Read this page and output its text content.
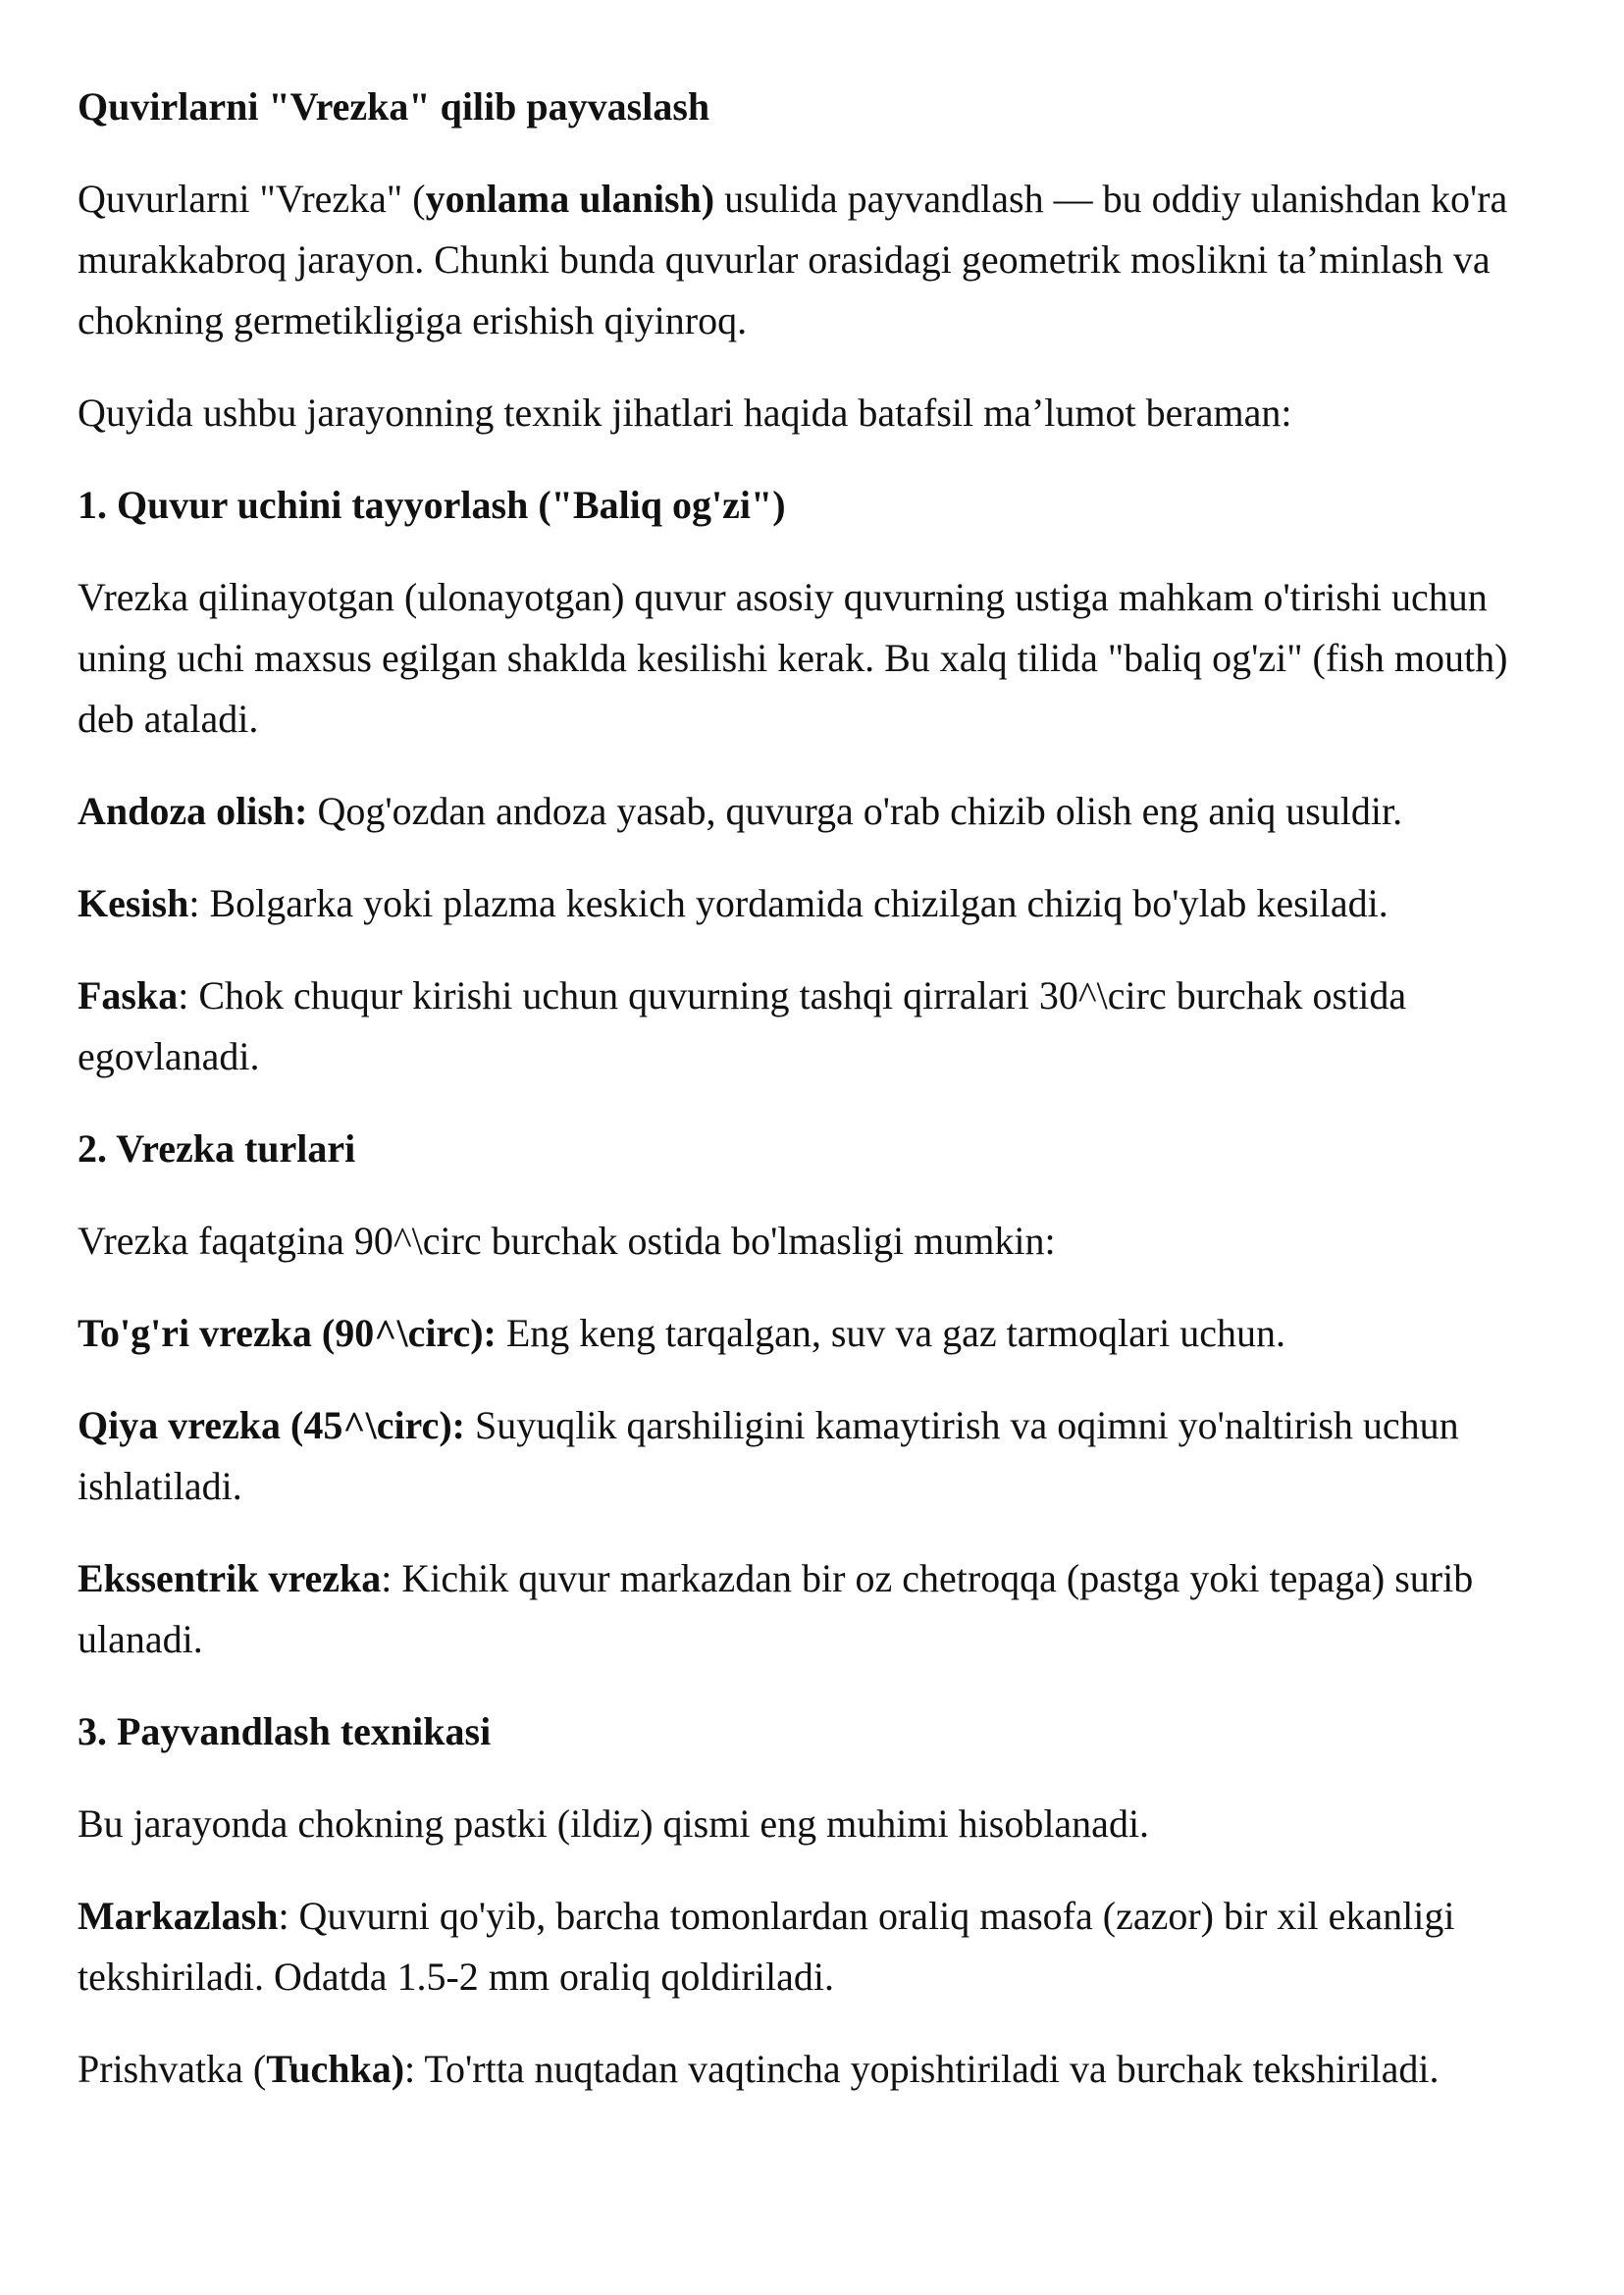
Quvirlarni "Vrezka" qilib payvaslash

Quvurlarni "Vrezka" (yonlama ulanish) usulida payvandlash — bu oddiy ulanishdan ko'ra murakkabroq jarayon. Chunki bunda quvurlar orasidagi geometrik moslikni ta’minlash va chokning germetikligiga erishish qiyinroq.

Quyida ushbu jarayonning texnik jihatlari haqida batafsil ma’lumot beraman:

1. Quvur uchini tayyorlash ("Baliq og'zi")

Vrezka qilinayotgan (ulonayotgan) quvur asosiy quvurning ustiga mahkam o'tirishi uchun uning uchi maxsus egilgan shaklda kesilishi kerak. Bu xalq tilida "baliq og'zi" (fish mouth) deb ataladi.

Andoza olish: Qog'ozdan andoza yasab, quvurga o'rab chizib olish eng aniq usuldir.

Kesish: Bolgarka yoki plazma keskich yordamida chizilgan chiziq bo'ylab kesiladi.

Faska: Chok chuqur kirishi uchun quvurning tashqi qirralari 30^\circ burchak ostida egovlanadi.

2. Vrezka turlari

Vrezka faqatgina 90^\circ burchak ostida bo'lmasligi mumkin:

To'g'ri vrezka (90^\circ): Eng keng tarqalgan, suv va gaz tarmoqlari uchun.

Qiya vrezka (45^\circ): Suyuqlik qarshiligini kamaytirish va oqimni yo'naltirish uchun ishlatiladi.

Ekssentrik vrezka: Kichik quvur markazdan bir oz chetroqqa (pastga yoki tepaga) surib ulanadi.

3. Payvandlash texnikasi

Bu jarayonda chokning pastki (ildiz) qismi eng muhimi hisoblanadi.

Markazlash: Quvurni qo'yib, barcha tomonlardan oraliq masofa (zazor) bir xil ekanligi tekshiriladi. Odatda 1.5-2 mm oraliq qoldiriladi.

Prishvatka (Tuchka): To'rtta nuqtadan vaqtincha yopishtiriladi va burchak tekshiriladi.
